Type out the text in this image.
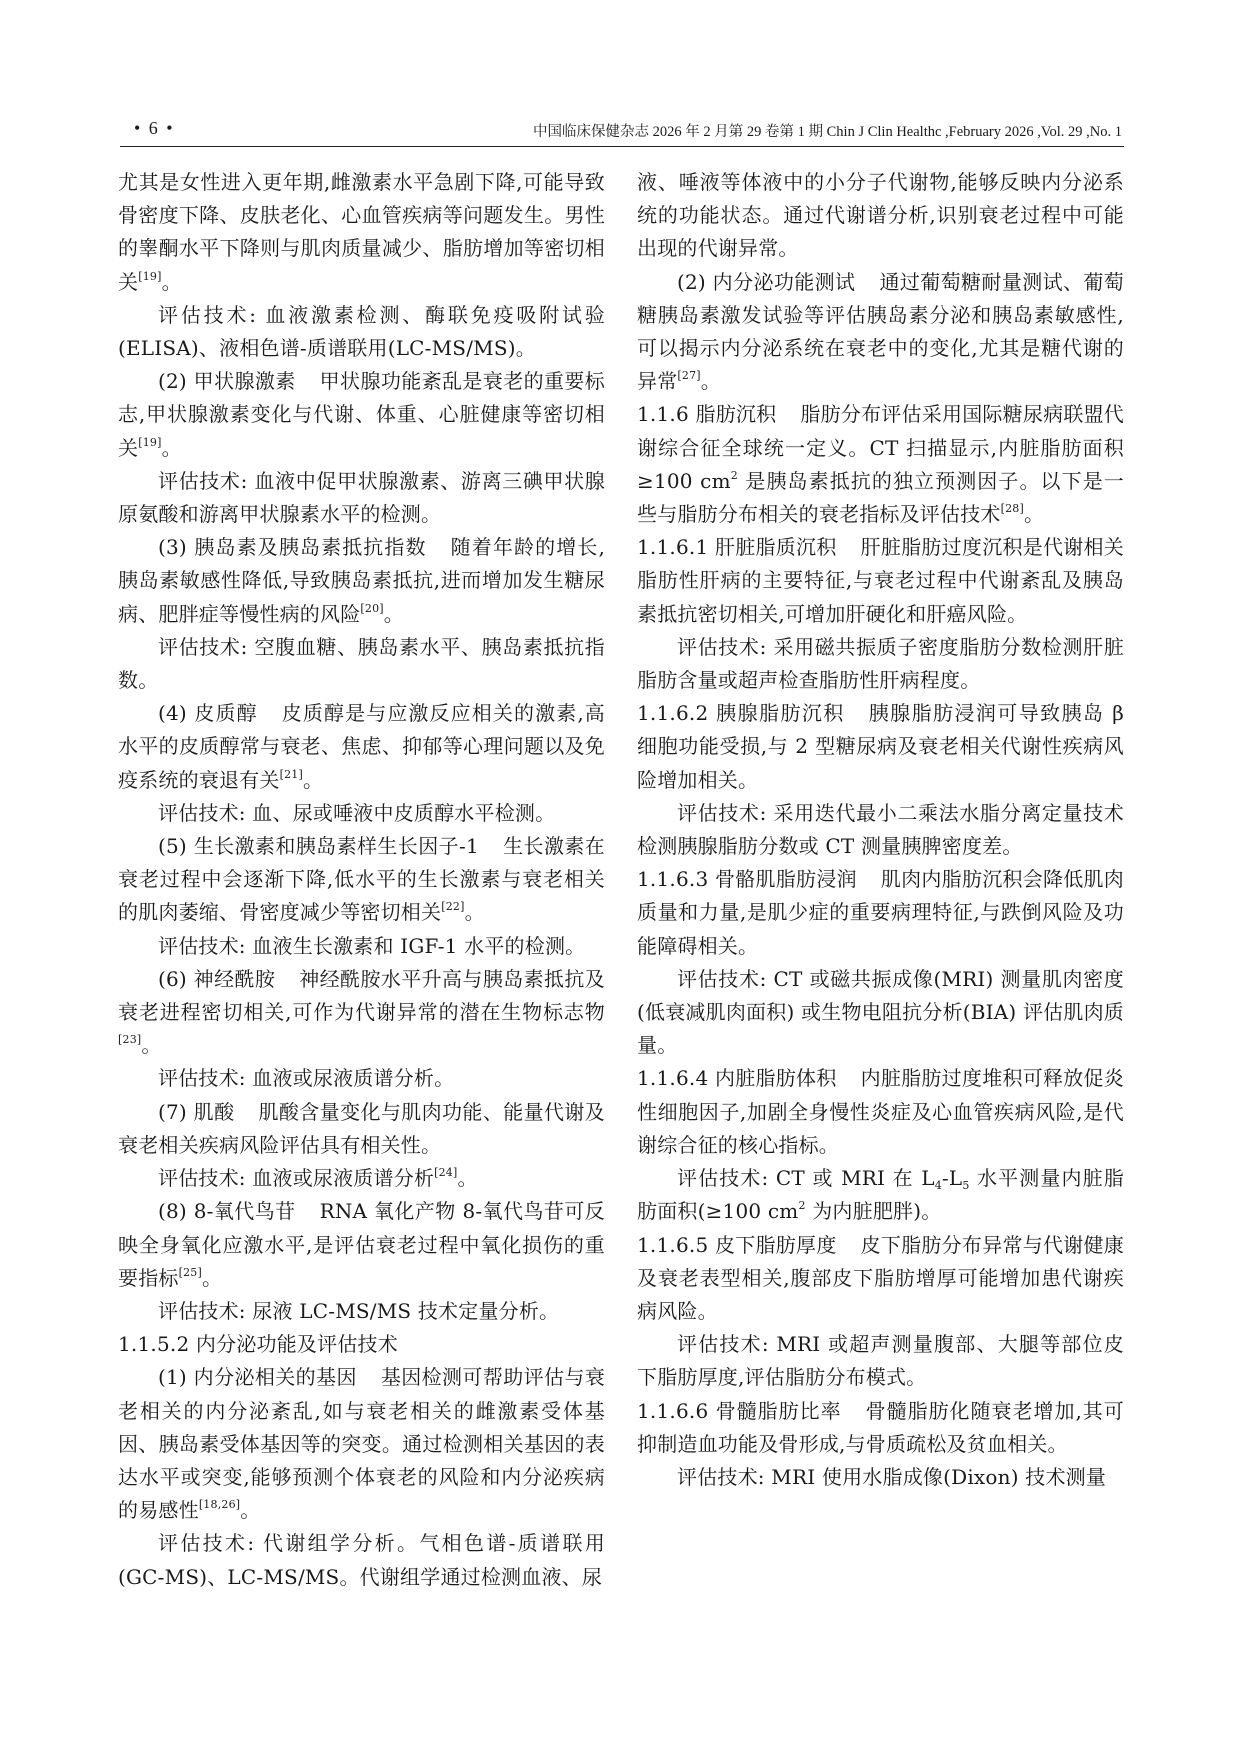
• 6 •	中国临床保健杂志 2026 年 2 月第 29 卷第 1 期 Chin J Clin Healthc ,February 2026 ,Vol. 29 ,No. 1

尤其是女性进入更年期,雌激素水平急剧下降,可能导致骨密度下降、皮肤老化、心血管疾病等问题发生。男性的睾酮水平下降则与肌肉质量减少、脂肪增加等密切相关[19]。

评估技术: 血液激素检测、酶联免疫吸附试验(ELISA)、液相色谱-质谱联用(LC-MS/MS)。

(2) 甲状腺激素 甲状腺功能紊乱是衰老的重要标志,甲状腺激素变化与代谢、体重、心脏健康等密切相关[19]。

评估技术: 血液中促甲状腺激素、游离三碘甲状腺原氨酸和游离甲状腺素水平的检测。

(3) 胰岛素及胰岛素抵抗指数 随着年龄的增长,胰岛素敏感性降低,导致胰岛素抵抗,进而增加发生糖尿病、肥胖症等慢性病的风险[20]。

评估技术: 空腹血糖、胰岛素水平、胰岛素抵抗指数。

(4) 皮质醇 皮质醇是与应激反应相关的激素,高水平的皮质醇常与衰老、焦虑、抑郁等心理问题以及免疫系统的衰退有关[21]。

评估技术: 血、尿或唾液中皮质醇水平检测。

(5) 生长激素和胰岛素样生长因子-1 生长激素在衰老过程中会逐渐下降,低水平的生长激素与衰老相关的肌肉萎缩、骨密度减少等密切相关[22]。

评估技术: 血液生长激素和 IGF-1 水平的检测。

(6) 神经酰胺 神经酰胺水平升高与胰岛素抵抗及衰老进程密切相关,可作为代谢异常的潜在生物标志物[23]。

评估技术: 血液或尿液质谱分析。

(7) 肌酸 肌酸含量变化与肌肉功能、能量代谢及衰老相关疾病风险评估具有相关性。

评估技术: 血液或尿液质谱分析[24]。

(8) 8-氧代鸟苷 RNA 氧化产物 8-氧代鸟苷可反映全身氧化应激水平,是评估衰老过程中氧化损伤的重要指标[25]。

评估技术: 尿液 LC-MS/MS 技术定量分析。

1.1.5.2 内分泌功能及评估技术

(1) 内分泌相关的基因 基因检测可帮助评估与衰老相关的内分泌紊乱,如与衰老相关的雌激素受体基因、胰岛素受体基因等的突变。通过检测相关基因的表达水平或突变,能够预测个体衰老的风险和内分泌疾病的易感性[18,26]。

评估技术: 代谢组学分析。气相色谱-质谱联用(GC-MS)、LC-MS/MS。代谢组学通过检测血液、尿

液、唾液等体液中的小分子代谢物,能够反映内分泌系统的功能状态。通过代谢谱分析,识别衰老过程中可能出现的代谢异常。

(2) 内分泌功能测试 通过葡萄糖耐量测试、葡萄糖胰岛素激发试验等评估胰岛素分泌和胰岛素敏感性,可以揭示内分泌系统在衰老中的变化,尤其是糖代谢的异常[27]。

1.1.6 脂肪沉积 脂肪分布评估采用国际糖尿病联盟代谢综合征全球统一定义。CT 扫描显示,内脏脂肪面积 ≥100 $cm^2$ 是胰岛素抵抗的独立预测因子。以下是一些与脂肪分布相关的衰老指标及评估技术[28]。

1.1.6.1 肝脏脂质沉积 肝脏脂肪过度沉积是代谢相关脂肪性肝病的主要特征,与衰老过程中代谢紊乱及胰岛素抵抗密切相关,可增加肝硬化和肝癌风险。

评估技术: 采用磁共振质子密度脂肪分数检测肝脏脂肪含量或超声检查脂肪性肝病程度。

1.1.6.2 胰腺脂肪沉积 胰腺脂肪浸润可导致胰岛 β 细胞功能受损,与 2 型糖尿病及衰老相关代谢性疾病风险增加相关。

评估技术: 采用迭代最小二乘法水脂分离定量技术检测胰腺脂肪分数或 CT 测量胰脾密度差。

1.1.6.3 骨骼肌脂肪浸润 肌肉内脂肪沉积会降低肌肉质量和力量,是肌少症的重要病理特征,与跌倒风险及功能障碍相关。

评估技术: CT 或磁共振成像(MRI) 测量肌肉密度(低衰减肌肉面积) 或生物电阻抗分析(BIA) 评估肌肉质量。

1.1.6.4 内脏脂肪体积 内脏脂肪过度堆积可释放促炎性细胞因子,加剧全身慢性炎症及心血管疾病风险,是代谢综合征的核心指标。

评估技术: CT 或 MRI 在 $L_4-L_5$ 水平测量内脏脂肪面积(≥100 $cm^2$ 为内脏肥胖)。

1.1.6.5 皮下脂肪厚度 皮下脂肪分布异常与代谢健康及衰老表型相关,腹部皮下脂肪增厚可能增加患代谢疾病风险。

评估技术: MRI 或超声测量腹部、大腿等部位皮下脂肪厚度,评估脂肪分布模式。

1.1.6.6 骨髓脂肪比率 骨髓脂肪化随衰老增加,其可抑制造血功能及骨形成,与骨质疏松及贫血相关。

评估技术: MRI 使用水脂成像(Dixon) 技术测量
